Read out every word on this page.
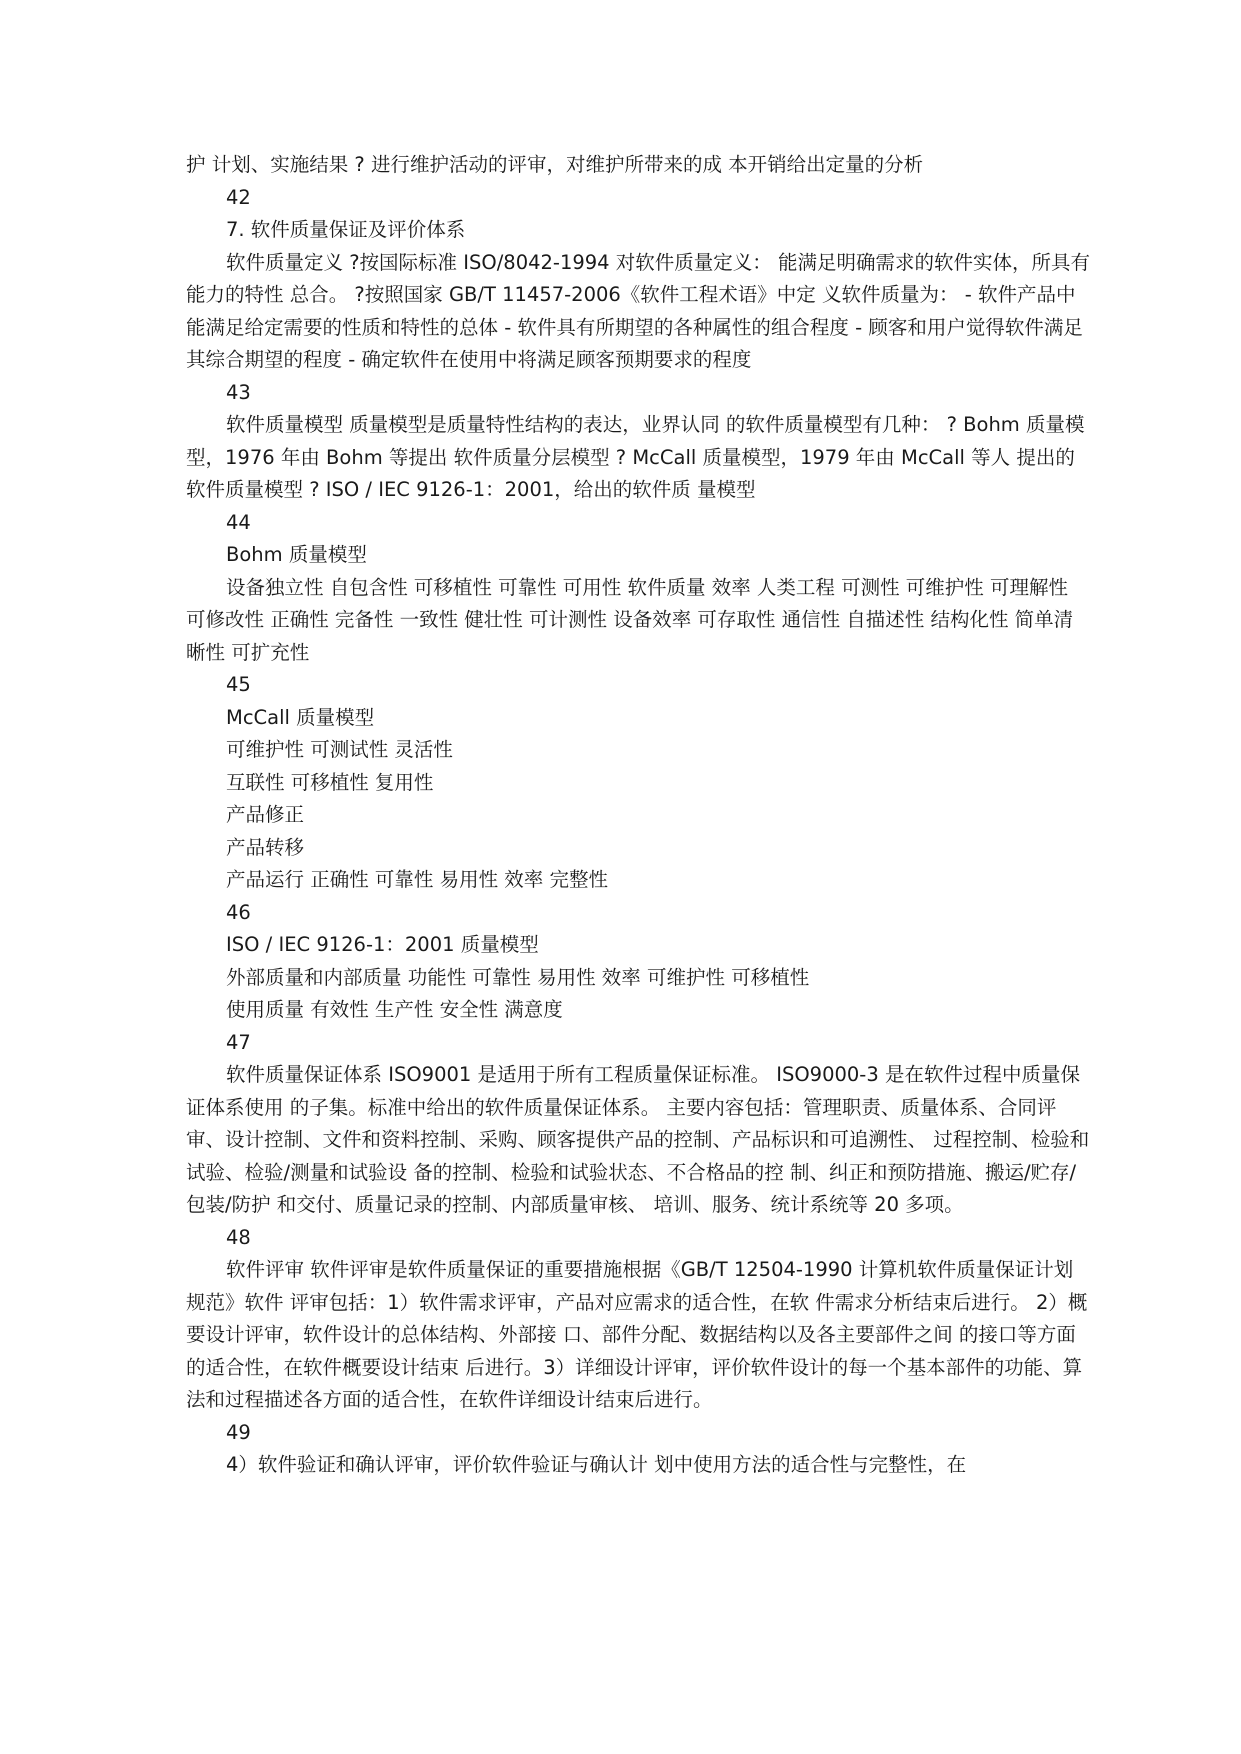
护 计划、实施结果 ? 进行维护活动的评审，对维护所带来的成 本开销给出定量的分析

42

7. 软件质量保证及评价体系

软件质量定义 ?按国际标准 ISO/8042-1994 对软件质量定义： 能满足明确需求的软件实体，所具有能力的特性 总合。 ?按照国家 GB/T 11457-2006《软件工程术语》中定 义软件质量为： - 软件产品中能满足给定需要的性质和特性的总体 - 软件具有所期望的各种属性的组合程度 - 顾客和用户觉得软件满足其综合期望的程度 - 确定软件在使用中将满足顾客预期要求的程度

43

软件质量模型 质量模型是质量特性结构的表达，业界认同 的软件质量模型有几种： ? Bohm 质量模型，1976 年由 Bohm 等提出 软件质量分层模型 ? McCall 质量模型，1979 年由 McCall 等人 提出的软件质量模型 ? ISO / IEC 9126-1：2001，给出的软件质 量模型

44

Bohm 质量模型

设备独立性 自包含性 可移植性 可靠性 可用性 软件质量 效率 人类工程 可测性 可维护性 可理解性 可修改性 正确性 完备性 一致性 健壮性 可计测性 设备效率 可存取性 通信性 自描述性 结构化性 简单清晰性 可扩充性

45

McCall 质量模型

可维护性 可测试性 灵活性

互联性 可移植性 复用性

产品修正

产品转移

产品运行 正确性 可靠性 易用性 效率 完整性

46

ISO / IEC 9126-1：2001 质量模型

外部质量和内部质量 功能性 可靠性 易用性 效率 可维护性 可移植性

使用质量 有效性 生产性 安全性 满意度

47

软件质量保证体系 ISO9001 是适用于所有工程质量保证标准。 ISO9000-3 是在软件过程中质量保证体系使用 的子集。标准中给出的软件质量保证体系。 主要内容包括：管理职责、质量体系、合同评审、设计控制、文件和资料控制、采购、顾客提供产品的控制、产品标识和可追溯性、 过程控制、检验和试验、检验/测量和试验设 备的控制、检验和试验状态、不合格品的控 制、纠正和预防措施、搬运/贮存/包装/防护 和交付、质量记录的控制、内部质量审核、 培训、服务、统计系统等 20 多项。

48

软件评审 软件评审是软件质量保证的重要措施根据《GB/T 12504-1990 计算机软件质量保证计划规范》软件 评审包括：1）软件需求评审，产品对应需求的适合性，在软 件需求分析结束后进行。 2）概要设计评审，软件设计的总体结构、外部接 口、部件分配、数据结构以及各主要部件之间 的接口等方面的适合性，在软件概要设计结束 后进行。3）详细设计评审，评价软件设计的每一个基本部件的功能、算法和过程描述各方面的适合性，在软件详细设计结束后进行。

49

4）软件验证和确认评审，评价软件验证与确认计 划中使用方法的适合性与完整性，在
